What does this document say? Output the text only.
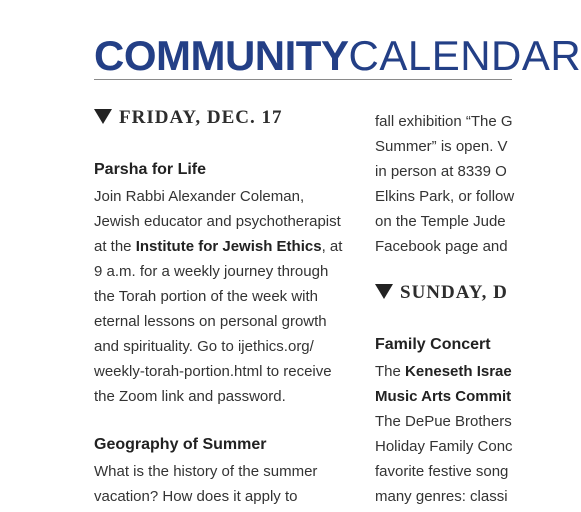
COMMUNITYCALENDAR
FRIDAY, DEC. 17
Parsha for Life
Join Rabbi Alexander Coleman,
Jewish educator and psychotherapist
at the Institute for Jewish Ethics, at
9 a.m. for a weekly journey through
the Torah portion of the week with
eternal lessons on personal growth
and spirituality. Go to ijethics.org/
weekly-torah-portion.html to receive
the Zoom link and password.
Geography of Summer
What is the history of the summer
vacation? How does it apply to
fall exhibition “The G
Summer” is open. V
in person at 8339 O
Elkins Park, or follow
on the Temple Jude
Facebook page and
SUNDAY, D
Family Concert
The Keneseth Israe
Music Arts Commit
The DePue Brothers
Holiday Family Conc
favorite festive song
many genres: classi
